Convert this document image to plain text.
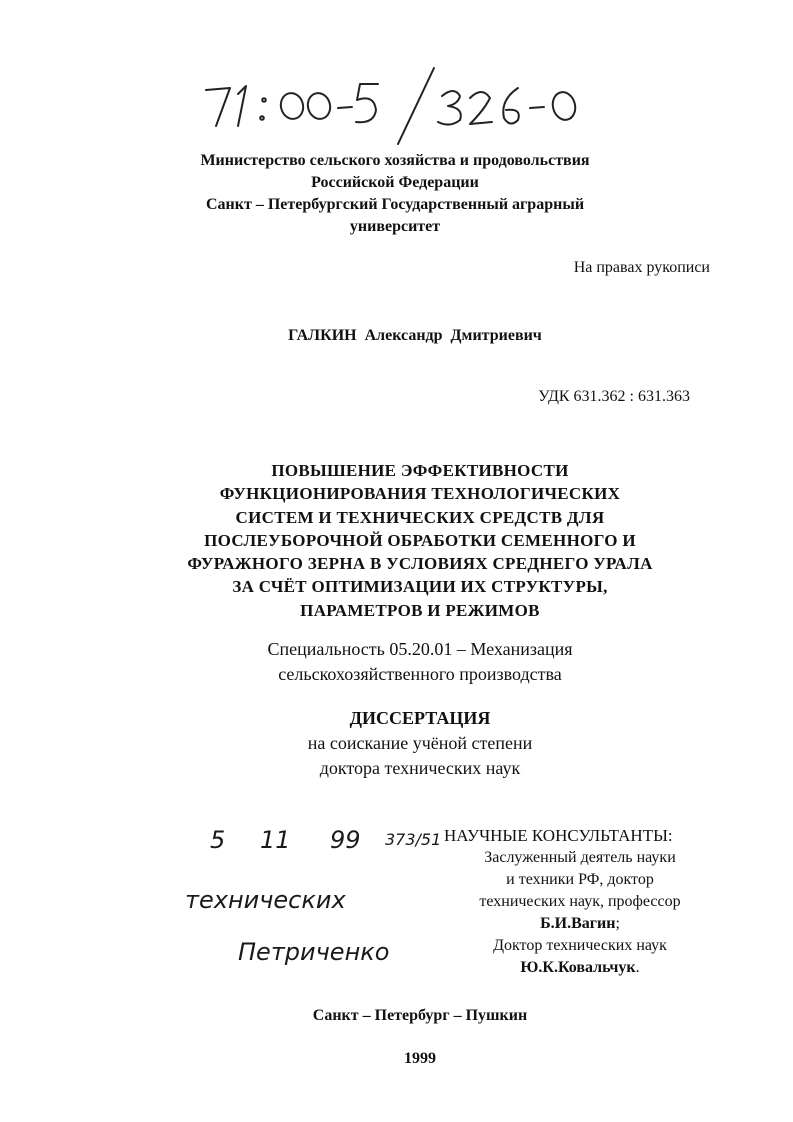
Министерство сельского хозяйства и продовольствия
Российской Федерации
Санкт – Петербургский Государственный аграрный
университет
На правах рукописи
ГАЛКИН Александр Дмитриевич
УДК 631.362 : 631.363
ПОВЫШЕНИЕ ЭФФЕКТИВНОСТИ
ФУНКЦИОНИРОВАНИЯ ТЕХНОЛОГИЧЕСКИХ
СИСТЕМ И ТЕХНИЧЕСКИХ СРЕДСТВ ДЛЯ
ПОСЛЕУБОРОЧНОЙ ОБРАБОТКИ СЕМЕННОГО И
ФУРАЖНОГО ЗЕРНА В УСЛОВИЯХ СРЕДНЕГО УРАЛА
ЗА СЧЁТ ОПТИМИЗАЦИИ ИХ СТРУКТУРЫ,
ПАРАМЕТРОВ И РЕЖИМОВ
Специальность 05.20.01 – Механизация
сельскохозяйственного производства
ДИССЕРТАЦИЯ
на соискание учёной степени
доктора технических наук
5 11 99 373/51 НАУЧНЫЕ КОНСУЛЬТАНТЫ:
Заслуженный деятель науки
и техники РФ, доктор
технических наук, профессор
Б.И.Вагин;
Доктор технических наук
Ю.К.Ковальчук.
технических
Петриченко
Санкт – Петербург – Пушкин
1999
